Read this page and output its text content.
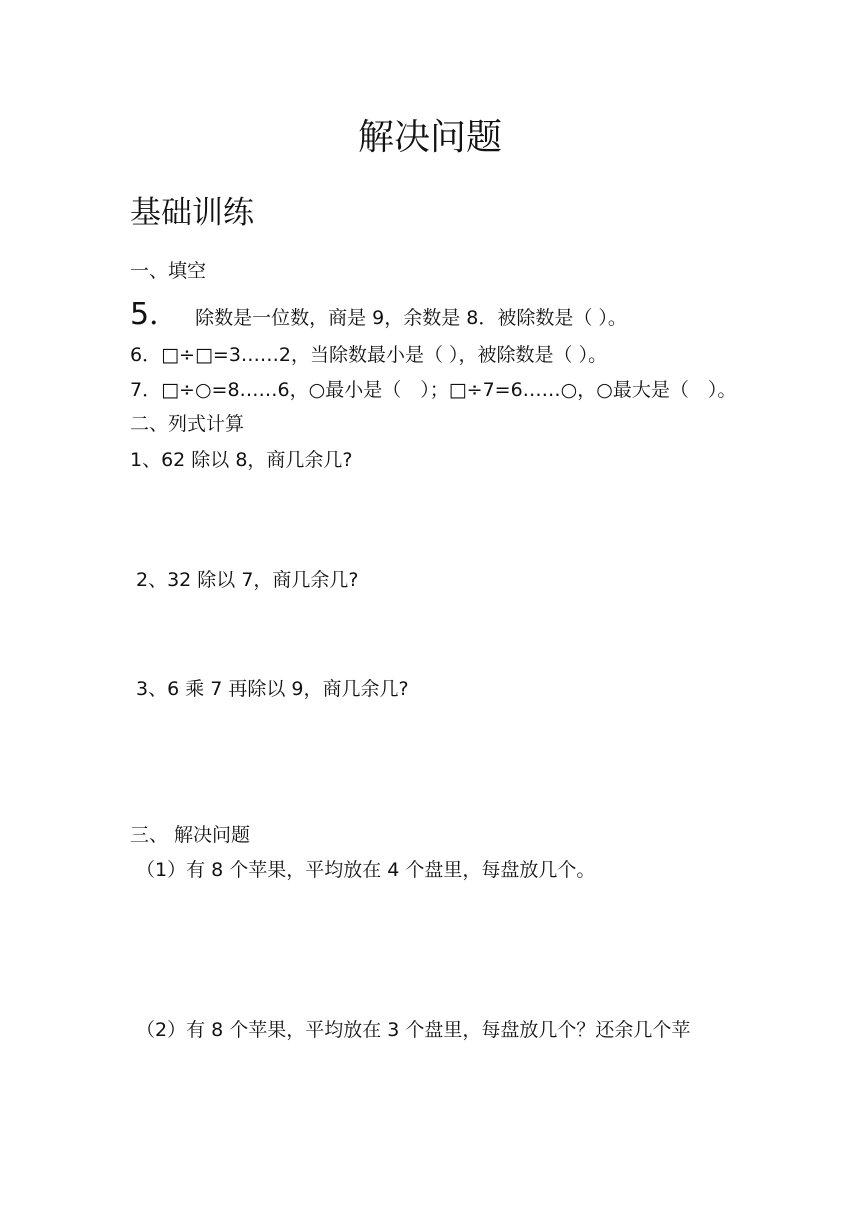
解决问题
基础训练
一、填空
5． 除数是一位数，商是 9，余数是 8．被除数是（ ）。
6．□÷□=3……2，当除数最小是（ ），被除数是（ ）。
7．□÷○=8……6，○最小是（　）；□÷7=6……○，○最大是（　）。
二、列式计算
1、62 除以 8，商几余几?
2、32 除以 7，商几余几?
3、6 乘 7 再除以 9，商几余几?
三、 解决问题
（1）有 8 个苹果，平均放在 4 个盘里，每盘放几个。
（2）有 8 个苹果，平均放在 3 个盘里，每盘放几个？还余几个苹
